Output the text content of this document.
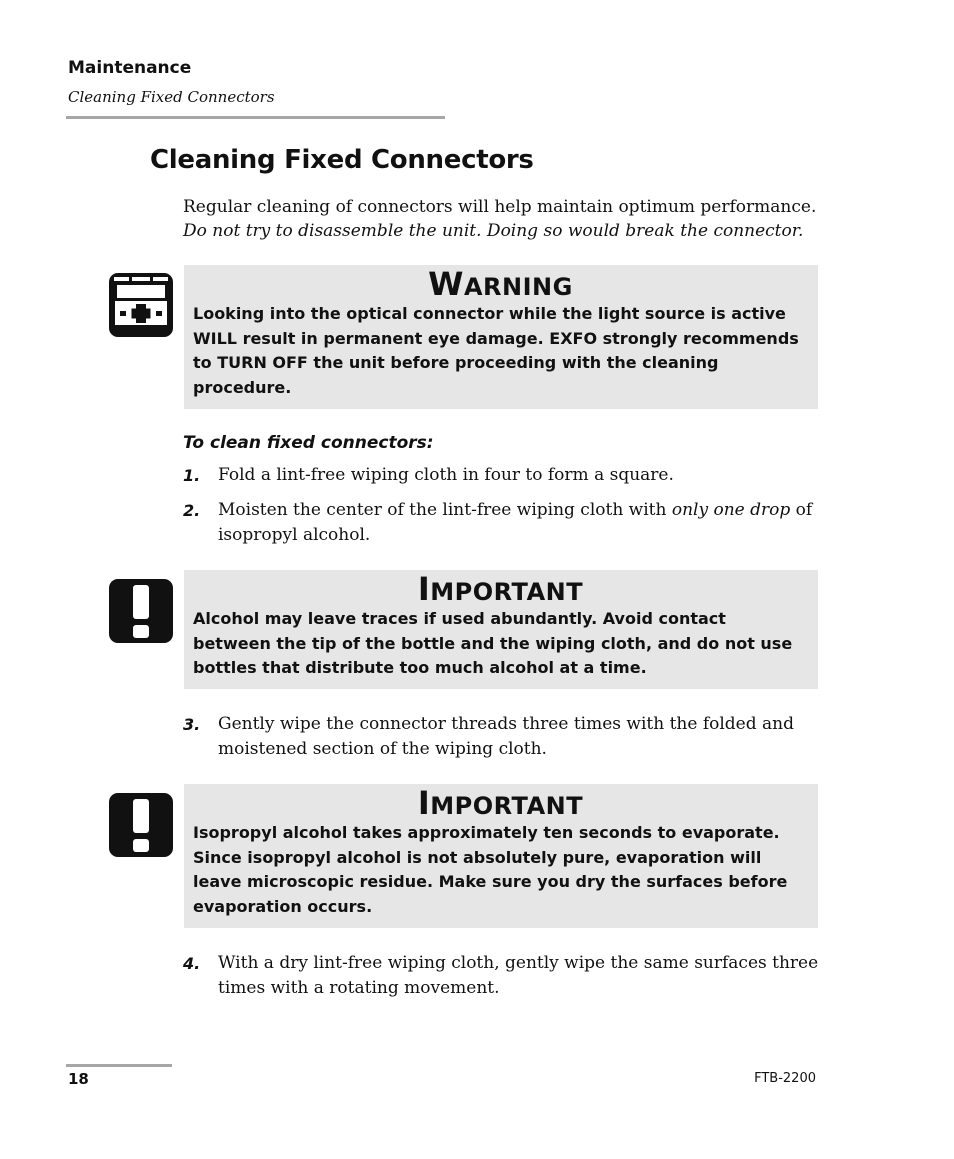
Maintenance
Cleaning Fixed Connectors
Cleaning Fixed Connectors
Regular cleaning of connectors will help maintain optimum performance.
Do not try to disassemble the unit. Doing so would break the connector.
WARNING
Looking into the optical connector while the light source is active WILL result in permanent eye damage. EXFO strongly recommends to TURN OFF the unit before proceeding with the cleaning procedure.
To clean fixed connectors:
1. Fold a lint-free wiping cloth in four to form a square.
2. Moisten the center of the lint-free wiping cloth with only one drop of isopropyl alcohol.
IMPORTANT
Alcohol may leave traces if used abundantly. Avoid contact between the tip of the bottle and the wiping cloth, and do not use bottles that distribute too much alcohol at a time.
3. Gently wipe the connector threads three times with the folded and moistened section of the wiping cloth.
IMPORTANT
Isopropyl alcohol takes approximately ten seconds to evaporate. Since isopropyl alcohol is not absolutely pure, evaporation will leave microscopic residue. Make sure you dry the surfaces before evaporation occurs.
4. With a dry lint-free wiping cloth, gently wipe the same surfaces three times with a rotating movement.
18	FTB-2200
